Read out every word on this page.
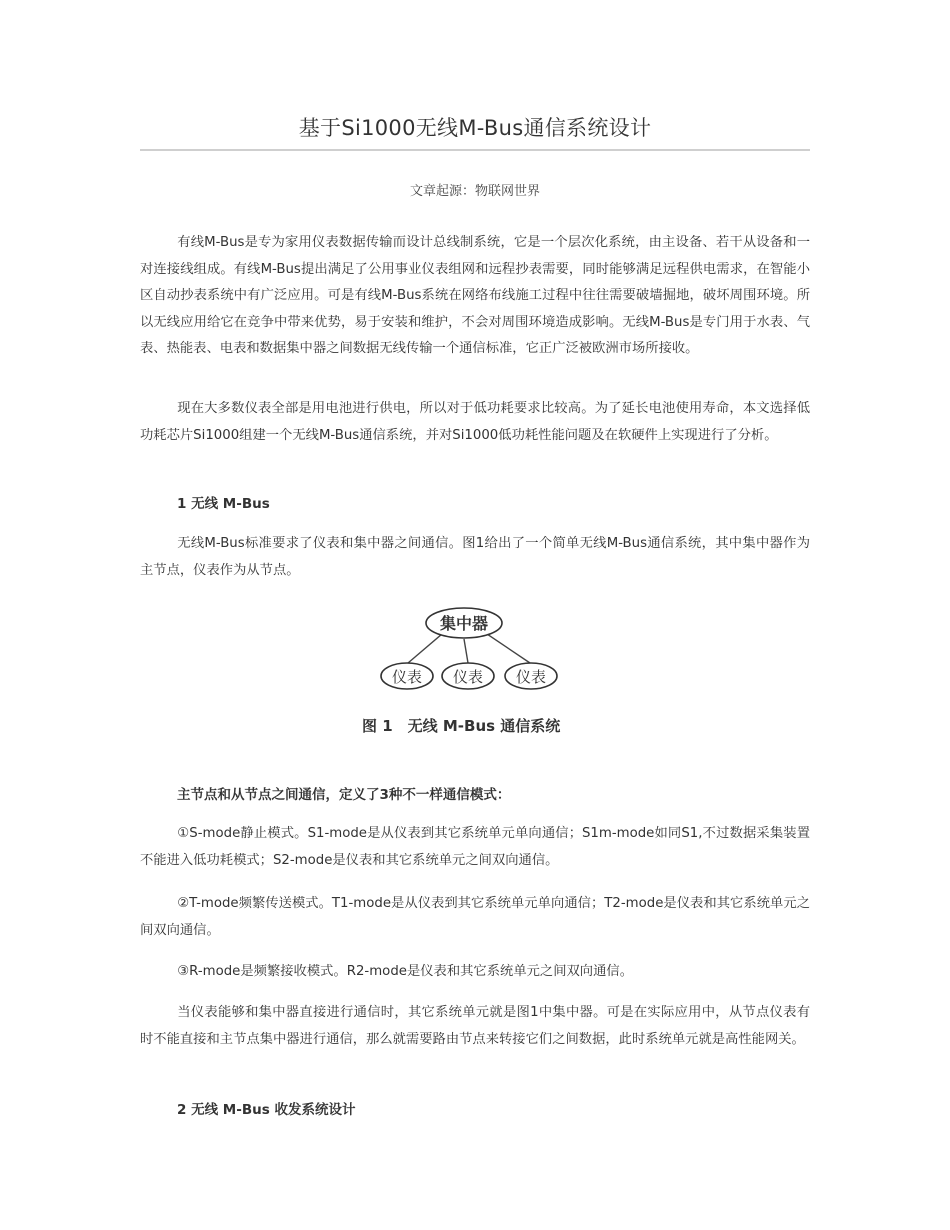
基于Si1000无线M-Bus通信系统设计
文章起源：物联网世界

有线M-Bus是专为家用仪表数据传输而设计总线制系统，它是一个层次化系统，由主设备、若干从设备和一对连接线组成。有线M-Bus提出满足了公用事业仪表组网和远程抄表需要，同时能够满足远程供电需求，在智能小区自动抄表系统中有广泛应用。可是有线M-Bus系统在网络布线施工过程中往往需要破墙掘地，破坏周围环境。所以无线应用给它在竞争中带来优势，易于安装和维护，不会对周围环境造成影响。无线M-Bus是专门用于水表、气表、热能表、电表和数据集中器之间数据无线传输一个通信标准，它正广泛被欧洲市场所接收。

现在大多数仪表全部是用电池进行供电，所以对于低功耗要求比较高。为了延长电池使用寿命，本文选择低功耗芯片Si1000组建一个无线M-Bus通信系统，并对Si1000低功耗性能问题及在软硬件上实现进行了分析。

1 无线 M-Bus

无线M-Bus标准要求了仪表和集中器之间通信。图1给出了一个简单无线M-Bus通信系统，其中集中器作为主节点，仪表作为从节点。

集中器
仪表 仪表 仪表
图 1　无线 M-Bus 通信系统

主节点和从节点之间通信，定义了3种不一样通信模式：

①S-mode静止模式。S1-mode是从仪表到其它系统单元单向通信；S1m-mode如同S1,不过数据采集装置不能进入低功耗模式；S2-mode是仪表和其它系统单元之间双向通信。

②T-mode频繁传送模式。T1-mode是从仪表到其它系统单元单向通信；T2-mode是仪表和其它系统单元之间双向通信。

③R-mode是频繁接收模式。R2-mode是仪表和其它系统单元之间双向通信。

当仪表能够和集中器直接进行通信时，其它系统单元就是图1中集中器。可是在实际应用中，从节点仪表有时不能直接和主节点集中器进行通信，那么就需要路由节点来转接它们之间数据，此时系统单元就是高性能网关。

2 无线 M-Bus 收发系统设计
